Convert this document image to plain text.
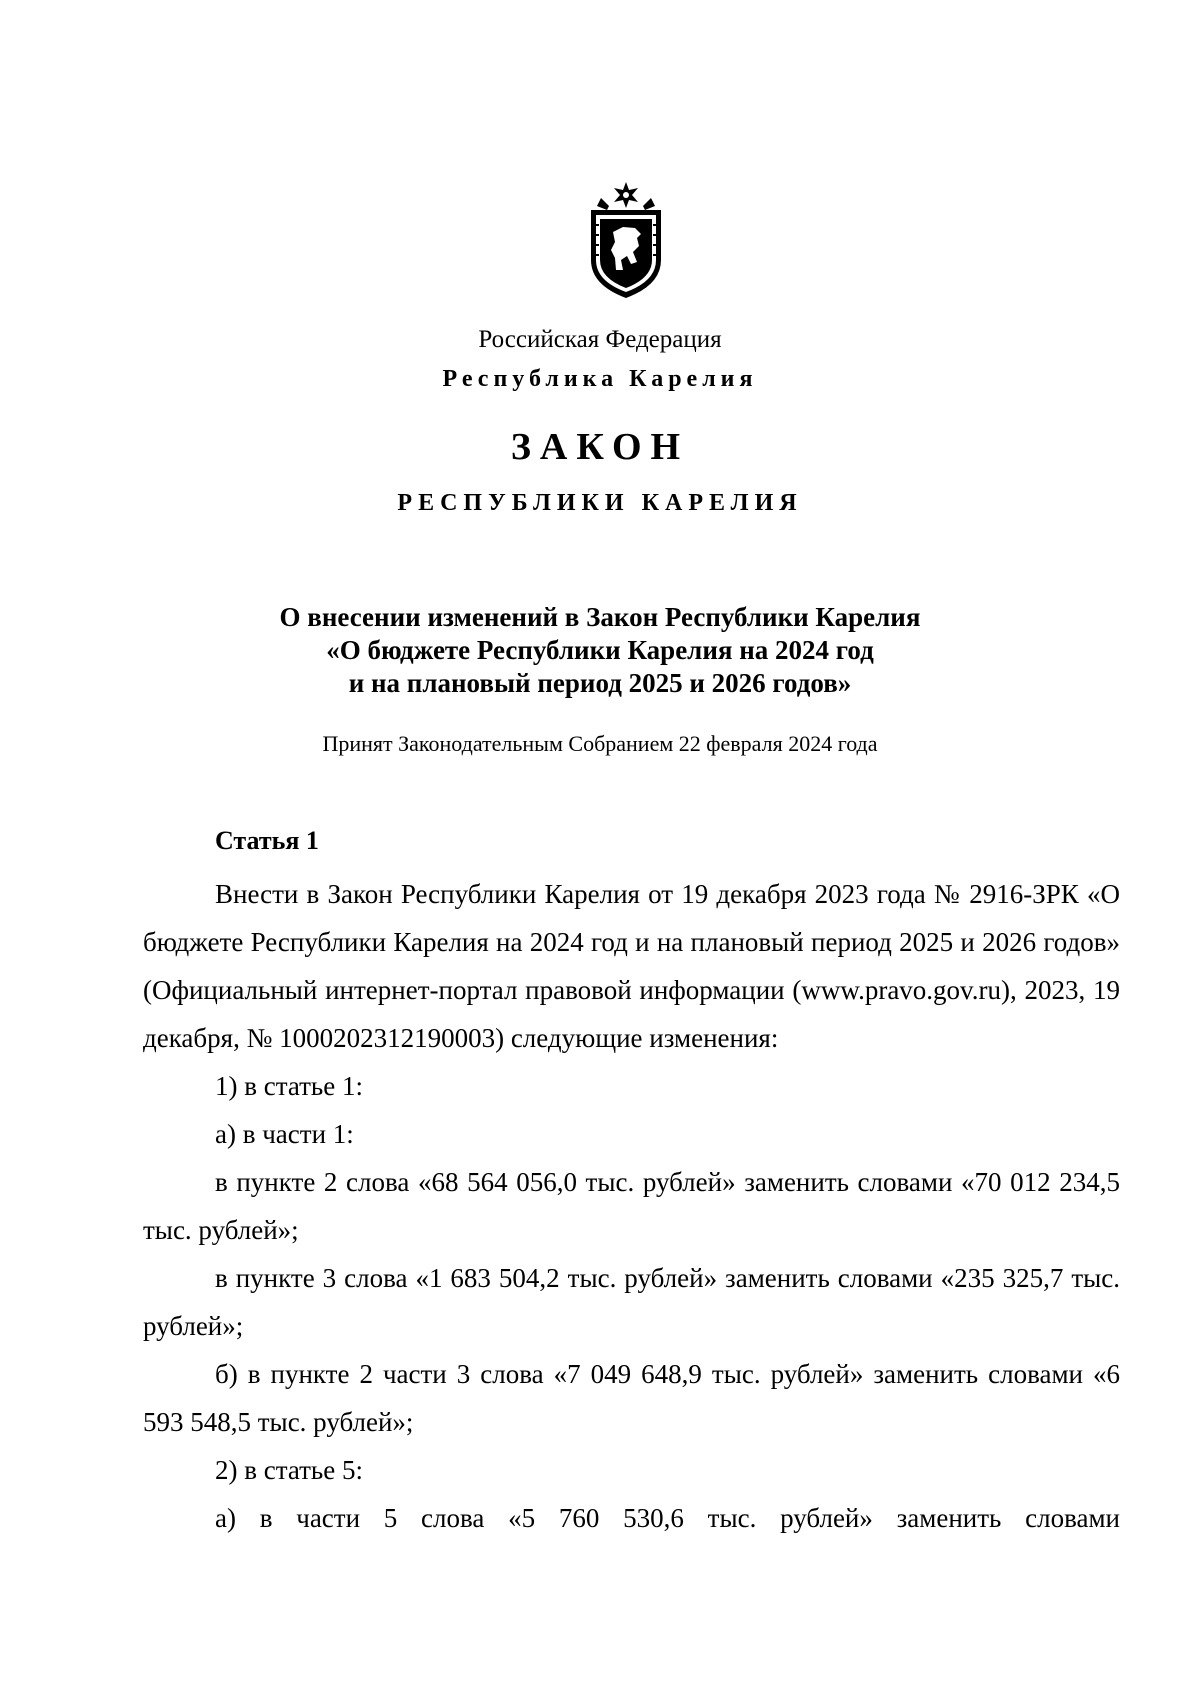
Российская Федерация
Республика Карелия
ЗАКОН
РЕСПУБЛИКИ КАРЕЛИЯ
О внесении изменений в Закон Республики Карелия
«О бюджете Республики Карелия на 2024 год
и на плановый период 2025 и 2026 годов»
Принят Законодательным Собранием 22 февраля 2024 года
Статья 1

Внести в Закон Республики Карелия от 19 декабря 2023 года № 2916-ЗРК «О бюджете Республики Карелия на 2024 год и на плановый период 2025 и 2026 годов» (Официальный интернет-портал правовой информации (www.pravo.gov.ru), 2023, 19 декабря, № 1000202312190003) следующие изменения:

1) в статье 1:

а) в части 1:

в пункте 2 слова «68 564 056,0 тыс. рублей» заменить словами «70 012 234,5 тыс. рублей»;

в пункте 3 слова «1 683 504,2 тыс. рублей» заменить словами «235 325,7 тыс. рублей»;

б) в пункте 2 части 3 слова «7 049 648,9 тыс. рублей» заменить словами «6 593 548,5 тыс. рублей»;

2) в статье 5:

а) в части 5 слова «5 760 530,6 тыс. рублей» заменить словами
